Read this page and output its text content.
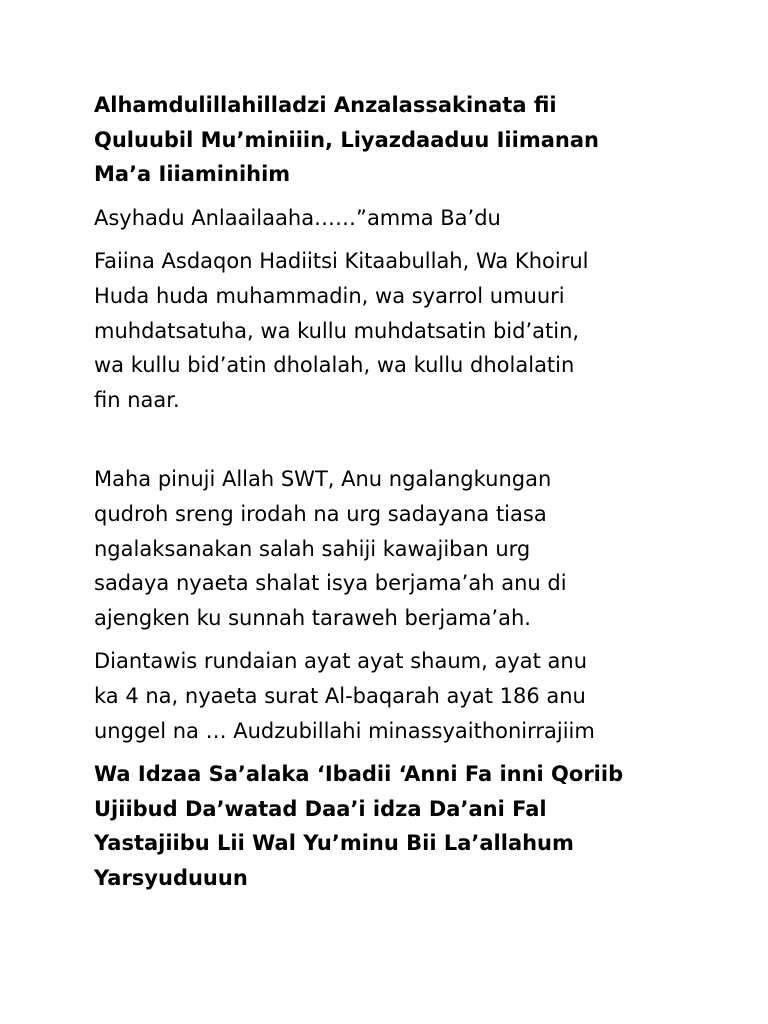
Alhamdulillahilladzi Anzalassakinata fii
Quluubil Mu’miniiin, Liyazdaaduu Iiimanan
Ma’a Iiiaminihim

Asyhadu Anlaailaaha……”amma Ba’du

Faiina Asdaqon Hadiitsi Kitaabullah, Wa Khoirul
Huda huda muhammadin, wa syarrol umuuri
muhdatsatuha, wa kullu muhdatsatin bid’atin,
wa kullu bid’atin dholalah, wa kullu dholalatin
fin naar.

Maha pinuji Allah SWT, Anu ngalangkungan
qudroh sreng irodah na urg sadayana tiasa
ngalaksanakan salah sahiji kawajiban urg
sadaya nyaeta shalat isya berjama’ah anu di
ajengken ku sunnah taraweh berjama’ah.

Diantawis rundaian ayat ayat shaum, ayat anu
ka 4 na, nyaeta surat Al-baqarah ayat 186 anu
unggel na … Audzubillahi minassyaithonirrajiim

Wa Idzaa Sa’alaka ‘Ibadii ‘Anni Fa inni Qoriib
Ujiibud Da’watad Daa’i idza Da’ani Fal
Yastajiibu Lii Wal Yu’minu Bii La’allahum
Yarsyuduuun
